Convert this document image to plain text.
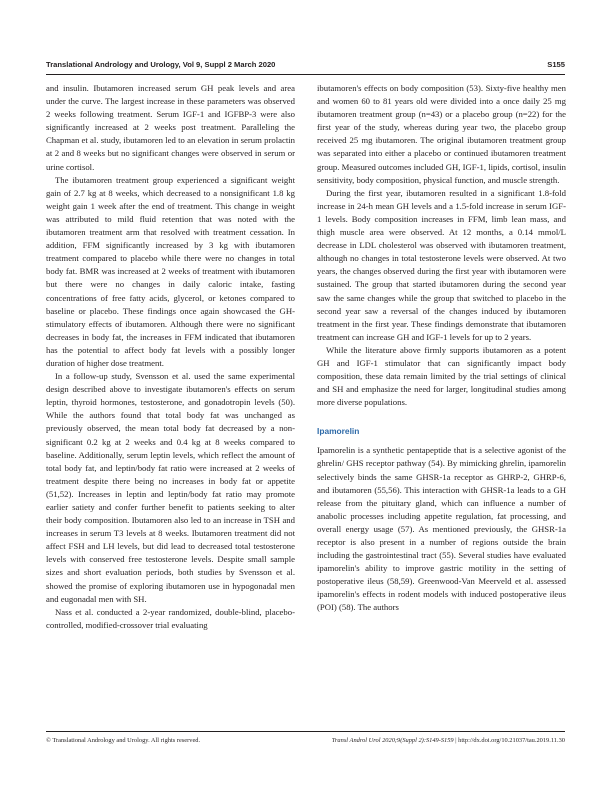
Translational Andrology and Urology, Vol 9, Suppl 2 March 2020	S155

and insulin. Ibutamoren increased serum GH peak levels and area under the curve. The largest increase in these parameters was observed 2 weeks following treatment. Serum IGF-1 and IGFBP-3 were also significantly increased at 2 weeks post treatment. Paralleling the Chapman et al. study, ibutamoren led to an elevation in serum prolactin at 2 and 8 weeks but no significant changes were observed in serum or urine cortisol.

The ibutamoren treatment group experienced a significant weight gain of 2.7 kg at 8 weeks, which decreased to a nonsignificant 1.8 kg weight gain 1 week after the end of treatment. This change in weight was attributed to mild fluid retention that was noted with the ibutamoren treatment arm that resolved with treatment cessation. In addition, FFM significantly increased by 3 kg with ibutamoren treatment compared to placebo while there were no changes in total body fat. BMR was increased at 2 weeks of treatment with ibutamoren but there were no changes in daily caloric intake, fasting concentrations of free fatty acids, glycerol, or ketones compared to baseline or placebo. These findings once again showcased the GH-stimulatory effects of ibutamoren. Although there were no significant decreases in body fat, the increases in FFM indicated that ibutamoren has the potential to affect body fat levels with a possibly longer duration of higher dose treatment.

In a follow-up study, Svensson et al. used the same experimental design described above to investigate ibutamoren's effects on serum leptin, thyroid hormones, testosterone, and gonadotropin levels (50). While the authors found that total body fat was unchanged as previously observed, the mean total body fat decreased by a non-significant 0.2 kg at 2 weeks and 0.4 kg at 8 weeks compared to baseline. Additionally, serum leptin levels, which reflect the amount of total body fat, and leptin/body fat ratio were increased at 2 weeks of treatment despite there being no increases in body fat or appetite (51,52). Increases in leptin and leptin/body fat ratio may promote earlier satiety and confer further benefit to patients seeking to alter their body composition. Ibutamoren also led to an increase in TSH and increases in serum T3 levels at 8 weeks. Ibutamoren treatment did not affect FSH and LH levels, but did lead to decreased total testosterone levels with conserved free testosterone levels. Despite small sample sizes and short evaluation periods, both studies by Svensson et al. showed the promise of exploring ibutamoren use in hypogonadal men and eugonadal men with SH.

Nass et al. conducted a 2-year randomized, double-blind, placebo-controlled, modified-crossover trial evaluating

ibutamoren's effects on body composition (53). Sixty-five healthy men and women 60 to 81 years old were divided into a once daily 25 mg ibutamoren treatment group (n=43) or a placebo group (n=22) for the first year of the study, whereas during year two, the placebo group received 25 mg ibutamoren. The original ibutamoren treatment group was separated into either a placebo or continued ibutamoren treatment group. Measured outcomes included GH, IGF-1, lipids, cortisol, insulin sensitivity, body composition, physical function, and muscle strength.

During the first year, ibutamoren resulted in a significant 1.8-fold increase in 24-h mean GH levels and a 1.5-fold increase in serum IGF-1 levels. Body composition increases in FFM, limb lean mass, and thigh muscle area were observed. At 12 months, a 0.14 mmol/L decrease in LDL cholesterol was observed with ibutamoren treatment, although no changes in total testosterone levels were observed. At two years, the changes observed during the first year with ibutamoren were sustained. The group that started ibutamoren during the second year saw the same changes while the group that switched to placebo in the second year saw a reversal of the changes induced by ibutamoren treatment in the first year. These findings demonstrate that ibutamoren treatment can increase GH and IGF-1 levels for up to 2 years.

While the literature above firmly supports ibutamoren as a potent GH and IGF-1 stimulator that can significantly impact body composition, these data remain limited by the trial settings of clinical and SH and emphasize the need for larger, longitudinal studies among more diverse populations.

Ipamorelin

Ipamorelin is a synthetic pentapeptide that is a selective agonist of the ghrelin/ GHS receptor pathway (54). By mimicking ghrelin, ipamorelin selectively binds the same GHSR-1a receptor as GHRP-2, GHRP-6, and ibutamoren (55,56). This interaction with GHSR-1a leads to a GH release from the pituitary gland, which can influence a number of anabolic processes including appetite regulation, fat processing, and overall energy usage (57). As mentioned previously, the GHSR-1a receptor is also present in a number of regions outside the brain including the gastrointestinal tract (55). Several studies have evaluated ipamorelin's ability to improve gastric motility in the setting of postoperative ileus (58,59). Greenwood-Van Meerveld et al. assessed ipamorelin's effects in rodent models with induced postoperative ileus (POI) (58). The authors

© Translational Andrology and Urology. All rights reserved.	Transl Androl Urol 2020;9(Suppl 2):S149-S159 | http://dx.doi.org/10.21037/tau.2019.11.30
